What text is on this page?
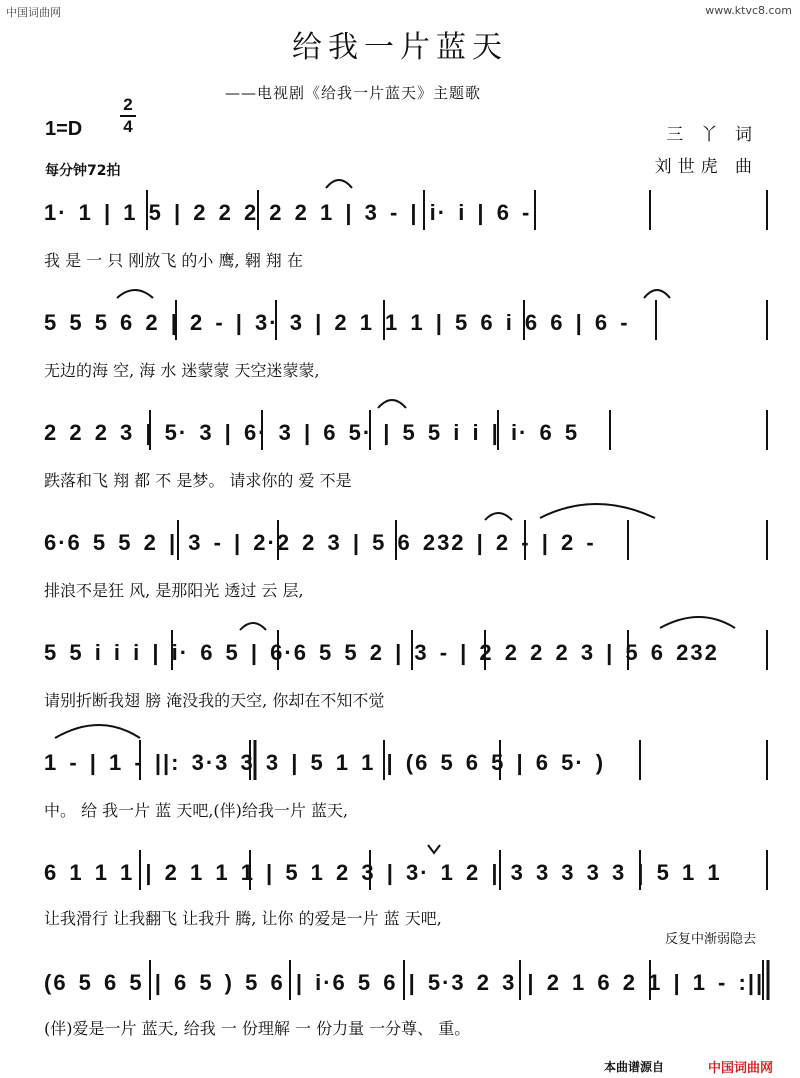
中国词曲网	www.ktvc8.com
给我一片蓝天
——电视剧《给我一片蓝天》主题歌
1=D
2
4
每分钟72拍
三 丫 词
刘世虎 曲
1· 1 | 1 5 | 2 2 2 2 2 1 | 3 - | i· i | 6 -
我 是 一 只 刚放飞 的小 鹰, 翱 翔 在
5 5 5 6 2 | 2 - | 3· 3 | 2 1 1 1 | 5 6 i 6 6 | 6 -
无边的海 空, 海 水 迷蒙蒙 天空迷蒙蒙,
2 2 2 3 | 5· 3 | 6· 3 | 6 5· | 5 5 i i | i· 6 5
跌落和飞 翔 都 不 是梦。 请求你的 爱 不是
6·6 5 5 2 | 3 - | 2·2 2 3 | 5 6 232 | 2 - | 2 -
排浪不是狂 风, 是那阳光 透过 云 层,
5 5 i i i | i· 6 5 | 6·6 5 5 2 | 3 - | 2 2 2 2 3 | 5 6 232
请别折断我翅 膀 淹没我的天空, 你却在不知不觉
1 - | 1 - ||: 3·3 3 3 | 5 1 1 | (6 5 6 5 | 6 5· )
中。 给 我一片 蓝 天吧,(伴)给我一片 蓝天,
6 1 1 1 | 2 1 1 1 | 5 1 2 3 | 3· 1 2 | 3 3 3 3 3 | 5 1 1
让我滑行 让我翻飞 让我升 腾, 让你 的爱是一片 蓝 天吧,
反复中渐弱隐去
(6 5 6 5 | 6 5 ) 5 6 | i·6 5 6 | 5·3 2 3 | 2 1 6 2 1 | 1 - :||
(伴)爱是一片 蓝天, 给我 一 份理解 一 份力量 一分尊、 重。
本曲谱源自	中国词曲网
